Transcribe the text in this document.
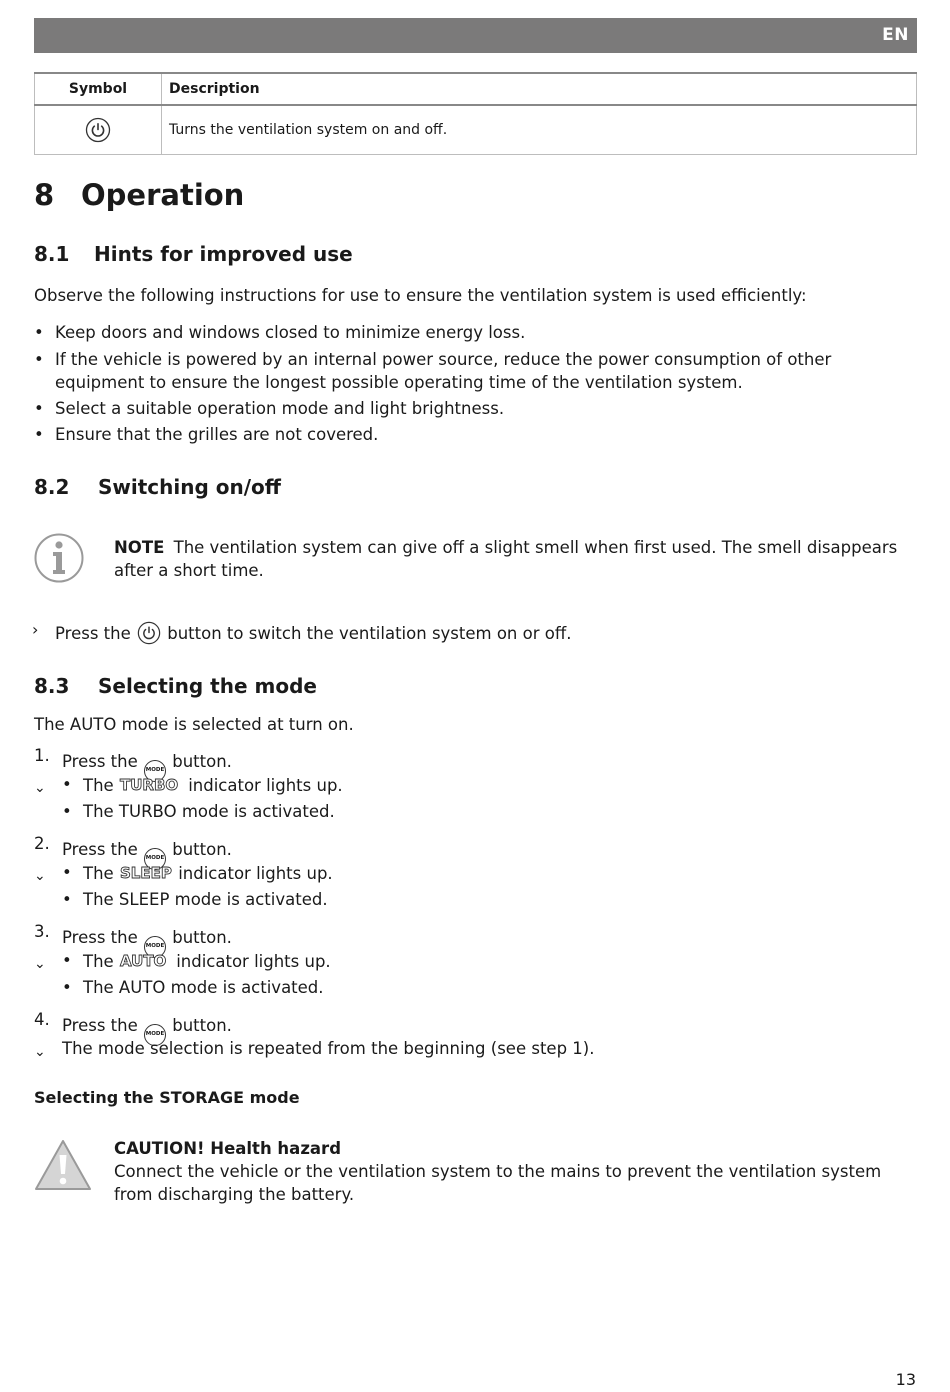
EN
Symbol	Description
	Turns the ventilation system on and off.
8 Operation
8.1 Hints for improved use
Observe the following instructions for use to ensure the ventilation system is used efficiently:
• Keep doors and windows closed to minimize energy loss.
• If the vehicle is powered by an internal power source, reduce the power consumption of other equipment to ensure the longest possible operating time of the ventilation system.
• Select a suitable operation mode and light brightness.
• Ensure that the grilles are not covered.
8.2 Switching on/off
NOTE The ventilation system can give off a slight smell when first used. The smell disappears after a short time.
› Press the button to switch the ventilation system on or off.
8.3 Selecting the mode
The AUTO mode is selected at turn on.
1. Press the MODE button.
⌄	• The TURBO indicator lights up.
• The TURBO mode is activated.
2. Press the MODE button.
⌄	• The SLEEP indicator lights up.
• The SLEEP mode is activated.
3. Press the MODE button.
⌄	• The AUTO indicator lights up.
• The AUTO mode is activated.
4. Press the MODE button.
⌄ The mode selection is repeated from the beginning (see step 1).
Selecting the STORAGE mode
CAUTION! Health hazard
Connect the vehicle or the ventilation system to the mains to prevent the ventilation system from discharging the battery.
13
